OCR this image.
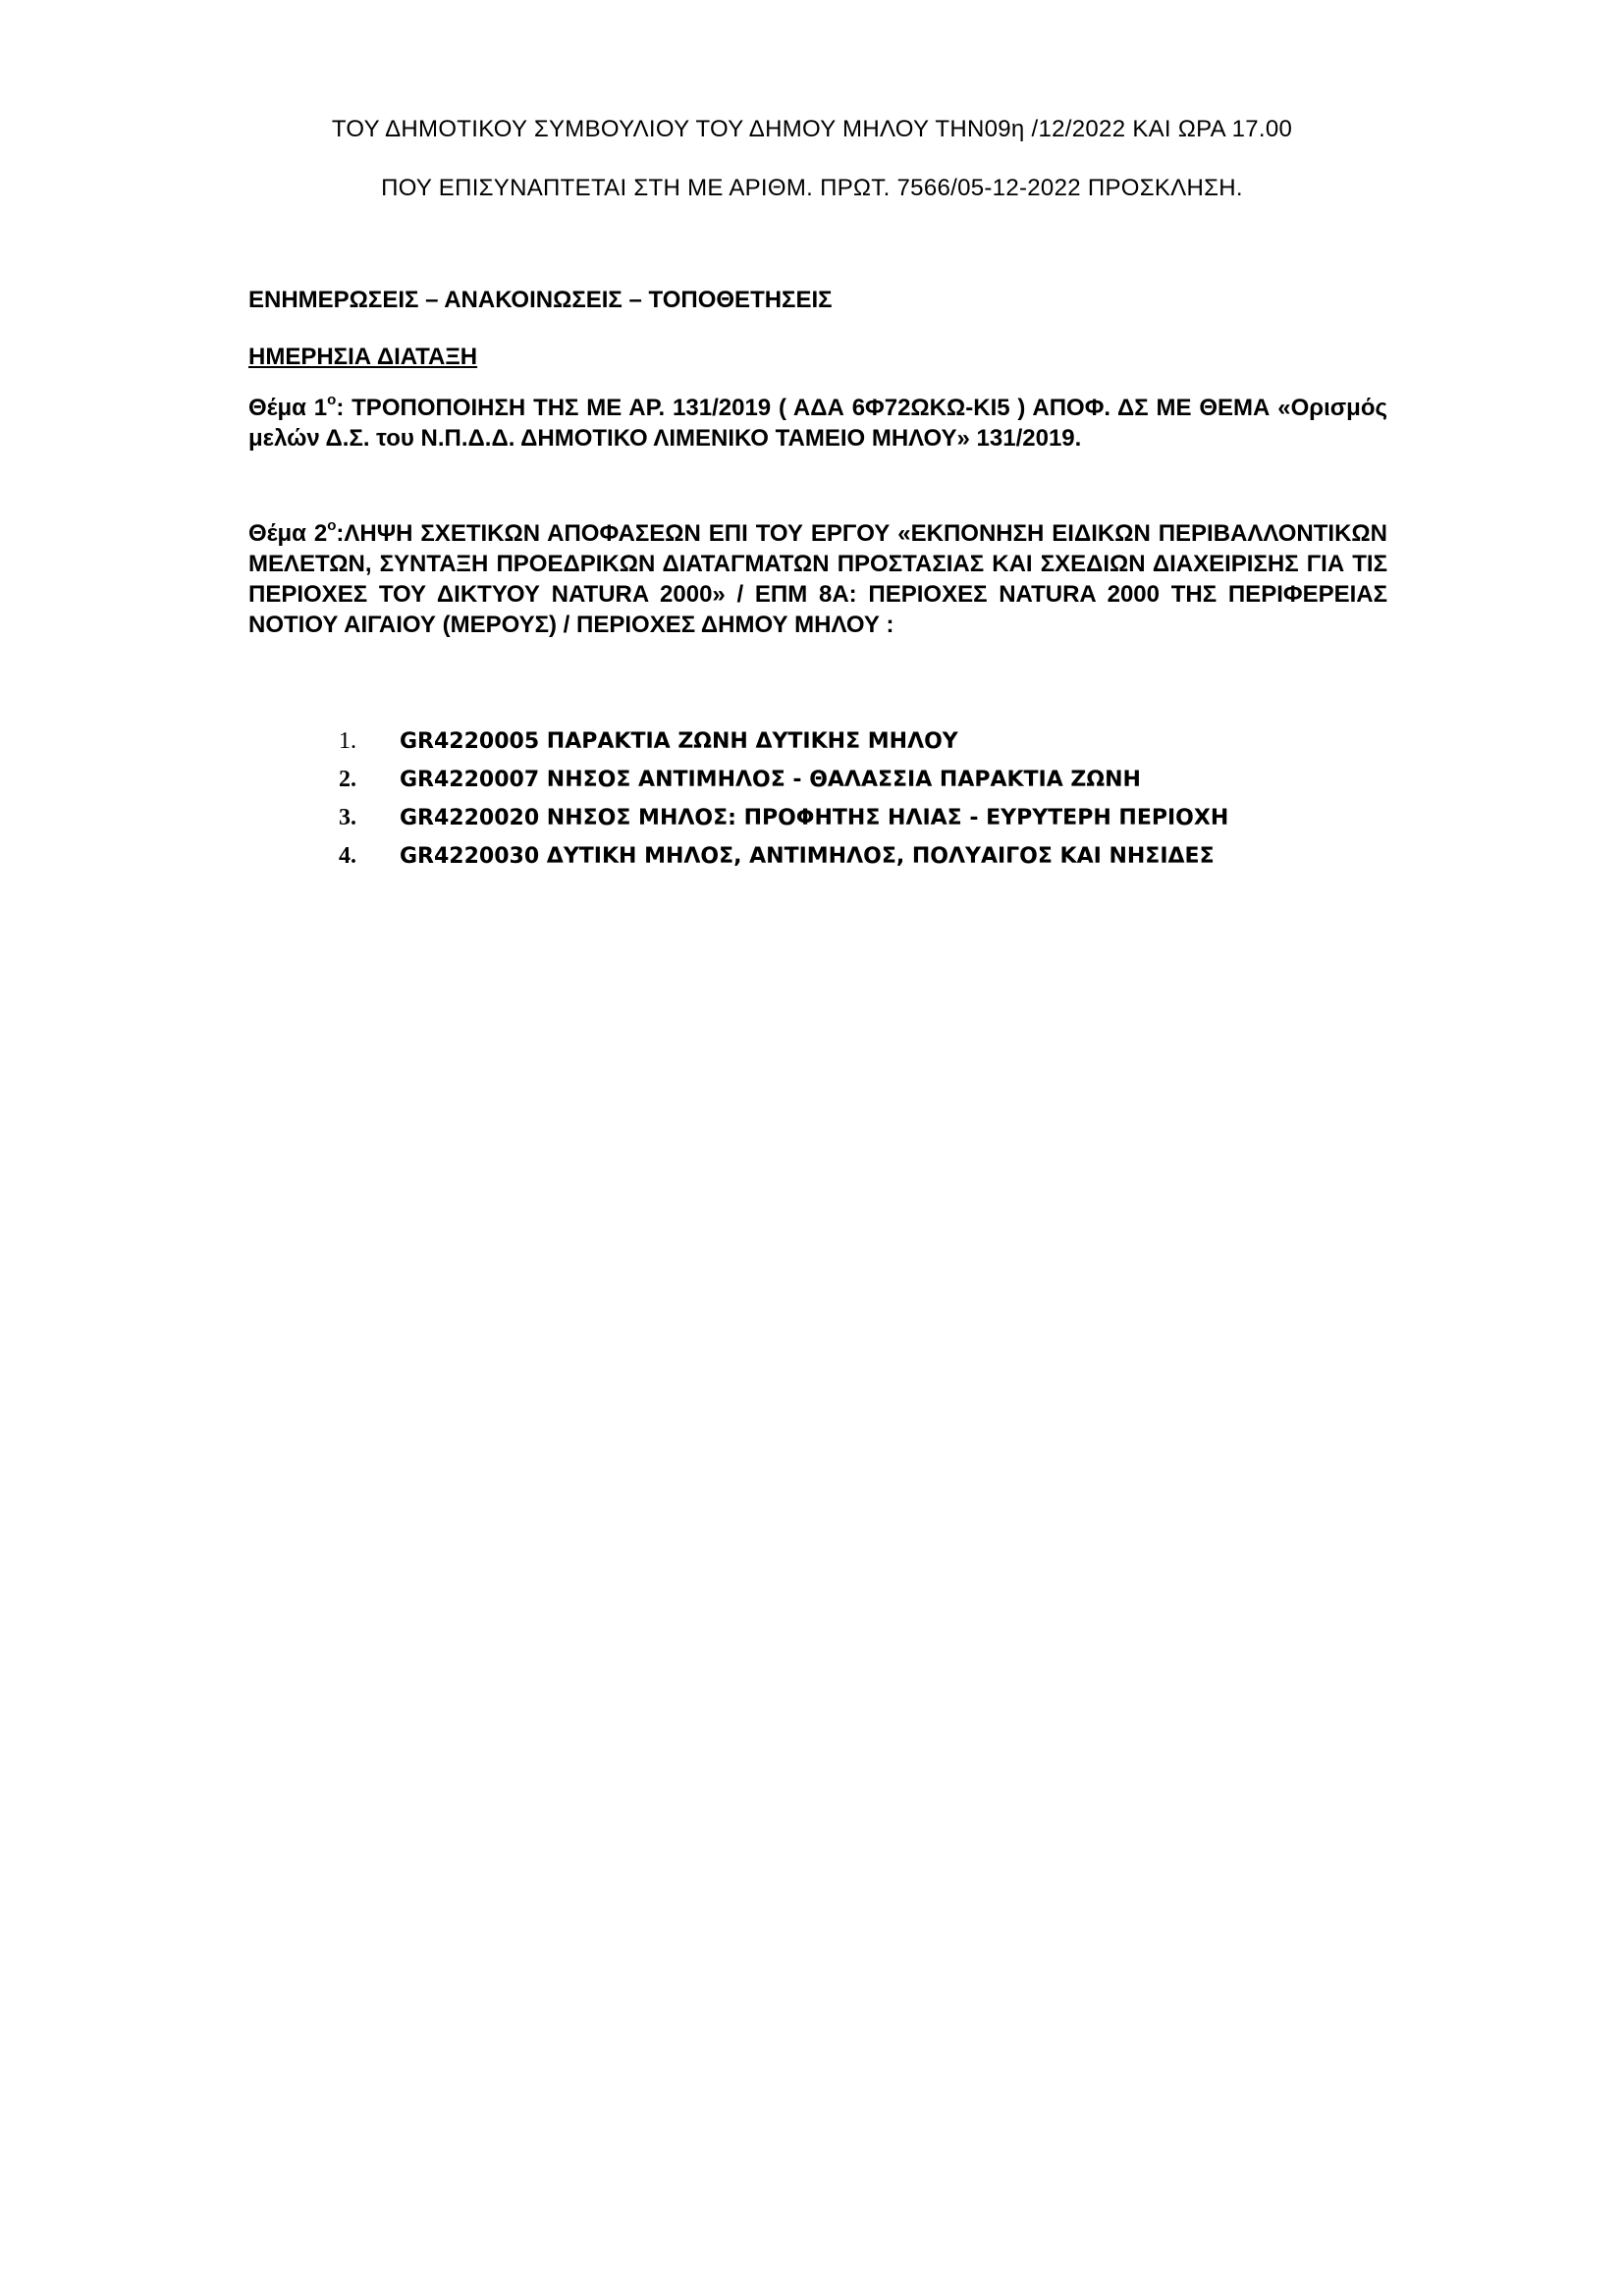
ΤΟΥ ΔΗΜΟΤΙΚΟΥ ΣΥΜΒΟΥΛΙΟΥ ΤΟΥ ΔΗΜΟΥ ΜΗΛΟΥ ΤΗΝ09η /12/2022 ΚΑΙ ΩΡΑ 17.00
ΠΟΥ ΕΠΙΣΥΝΑΠΤΕΤΑΙ ΣΤΗ ΜΕ ΑΡΙΘΜ. ΠΡΩΤ. 7566/05-12-2022 ΠΡΟΣΚΛΗΣΗ.
ΕΝΗΜΕΡΩΣΕΙΣ – ΑΝΑΚΟΙΝΩΣΕΙΣ – ΤΟΠΟΘΕΤΗΣΕΙΣ
ΗΜΕΡΗΣΙΑ ΔΙΑΤΑΞΗ
Θέμα $1^o$: ΤΡΟΠΟΠΟΙΗΣΗ ΤΗΣ ΜΕ ΑΡ. 131/2019 ( ΑΔΑ 6Φ72ΩΚΩ-ΚΙ5 ) ΑΠΟΦ. ΔΣ ΜΕ ΘΕΜΑ «Ορισμός μελών Δ.Σ. του Ν.Π.Δ.Δ. ΔΗΜΟΤΙΚΟ ΛΙΜΕΝΙΚΟ ΤΑΜΕΙΟ ΜΗΛΟΥ» 131/2019.
Θέμα $2^o:\Lambda H\Psi H$ ΣΧΕΤΙΚΩΝ ΑΠΟΦΑΣΕΩΝ ΕΠΙ ΤΟΥ ΕΡΓΟΥ «ΕΚΠΟΝΗΣΗ ΕΙΔΙΚΩΝ ΠΕΡΙΒΑΛΛΟΝΤΙΚΩΝ ΜΕΛΕΤΩΝ, ΣΥΝΤΑΞΗ ΠΡΟΕΔΡΙΚΩΝ ΔΙΑΤΑΓΜΑΤΩΝ ΠΡΟΣΤΑΣΙΑΣ ΚΑΙ ΣΧΕΔΙΩΝ ΔΙΑΧΕΙΡΙΣΗΣ ΓΙΑ ΤΙΣ ΠΕΡΙΟΧΕΣ ΤΟΥ ΔΙΚΤΥΟΥ NATURA 2000» / ΕΠΜ 8Α: ΠΕΡΙΟΧΕΣ NATURA 2000 ΤΗΣ ΠΕΡΙΦΕΡΕΙΑΣ ΝΟΤΙΟΥ ΑΙΓΑΙΟΥ (ΜΕΡΟΥΣ) / ΠΕΡΙΟΧΕΣ ΔΗΜΟΥ ΜΗΛΟΥ :
1.	GR4220005 ΠΑΡΑΚΤΙΑ ΖΩΝΗ ΔΥΤΙΚΗΣ ΜΗΛΟΥ
2.	GR4220007 ΝΗΣΟΣ ΑΝΤΙΜΗΛΟΣ - ΘΑΛΑΣΣΙΑ ΠΑΡΑΚΤΙΑ ΖΩΝΗ
3.	GR4220020 ΝΗΣΟΣ ΜΗΛΟΣ: ΠΡΟΦΗΤΗΣ ΗΛΙΑΣ - ΕΥΡΥΤΕΡΗ ΠΕΡΙΟΧΗ
4.	GR4220030 ΔΥΤΙΚΗ ΜΗΛΟΣ, ΑΝΤΙΜΗΛΟΣ, ΠΟΛΥΑΙΓΟΣ ΚΑΙ ΝΗΣΙΔΕΣ
